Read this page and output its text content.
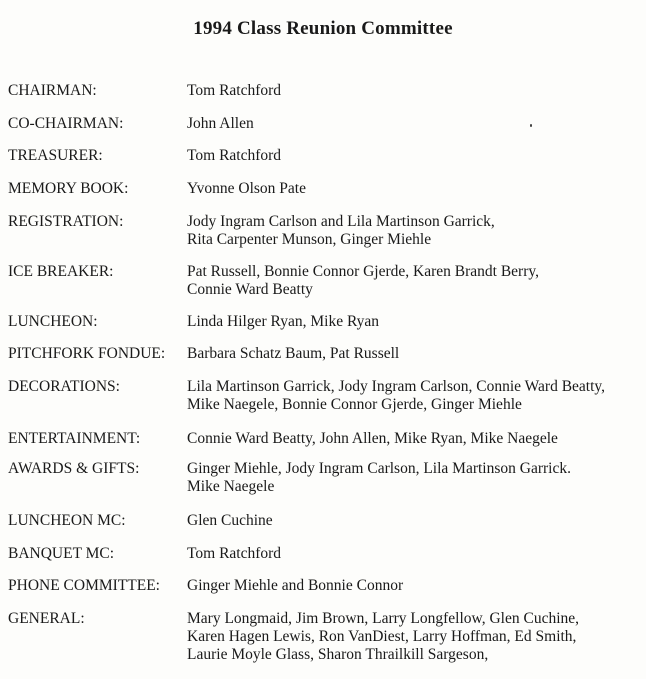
1994 Class Reunion Committee
CHAIRMAN:	Tom Ratchford
CO-CHAIRMAN:	John Allen
TREASURER:	Tom Ratchford
MEMORY BOOK:	Yvonne Olson Pate
REGISTRATION:	Jody Ingram Carlson and Lila Martinson Garrick,
Rita Carpenter Munson, Ginger Miehle
ICE BREAKER:	Pat Russell, Bonnie Connor Gjerde, Karen Brandt Berry,
Connie Ward Beatty
LUNCHEON:	Linda Hilger Ryan, Mike Ryan
PITCHFORK FONDUE: Barbara Schatz Baum, Pat Russell
DECORATIONS:	Lila Martinson Garrick, Jody Ingram Carlson, Connie Ward Beatty,
Mike Naegele, Bonnie Connor Gjerde, Ginger Miehle
ENTERTAINMENT:	Connie Ward Beatty, John Allen, Mike Ryan, Mike Naegele
AWARDS & GIFTS:	Ginger Miehle, Jody Ingram Carlson, Lila Martinson Garrick.
Mike Naegele
LUNCHEON MC:	Glen Cuchine
BANQUET MC:	Tom Ratchford
PHONE COMMITTEE: Ginger Miehle and Bonnie Connor
GENERAL:	Mary Longmaid, Jim Brown, Larry Longfellow, Glen Cuchine,
Karen Hagen Lewis, Ron VanDiest, Larry Hoffman, Ed Smith,
Laurie Moyle Glass, Sharon Thrailkill Sargeson,
